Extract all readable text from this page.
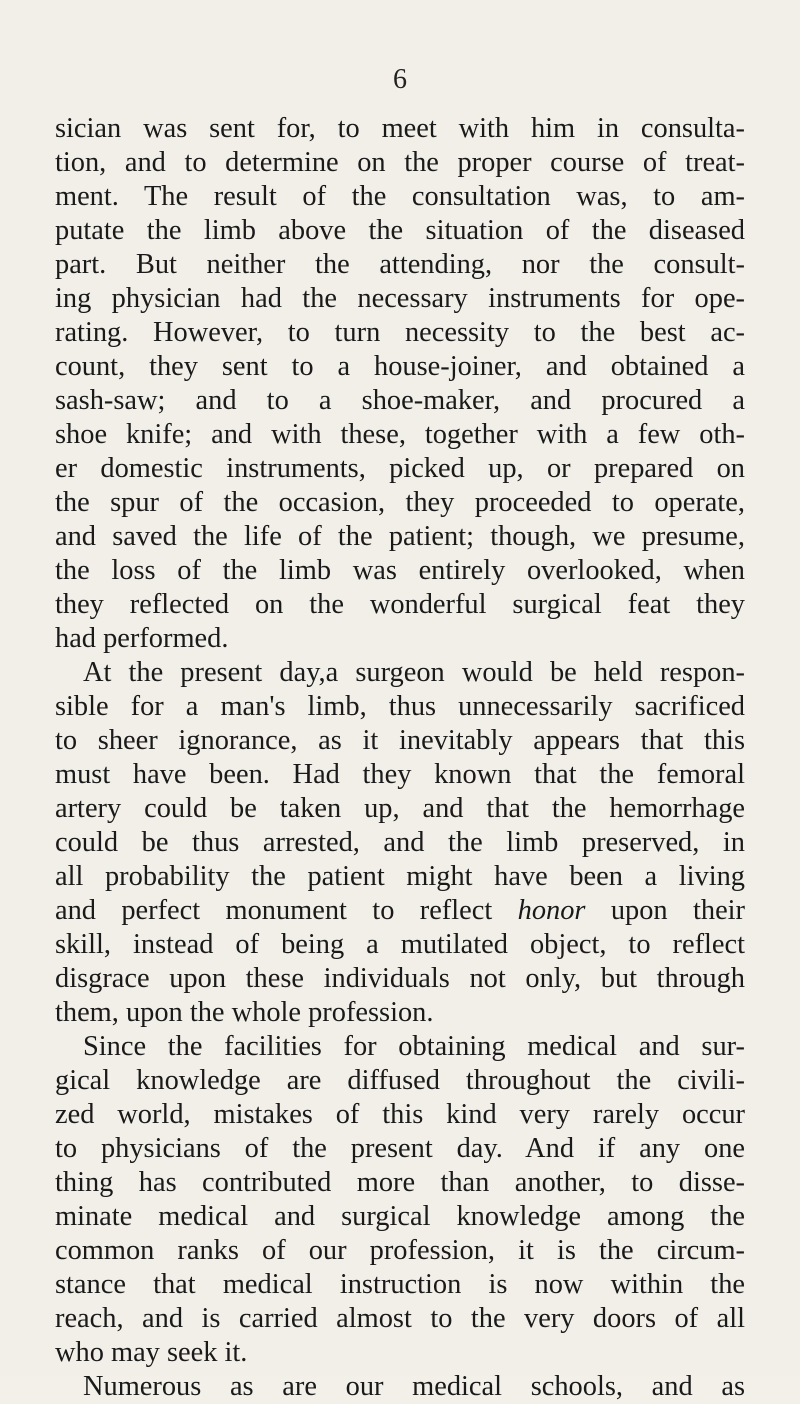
6
sician was sent for, to meet with him in consulta-
tion, and to determine on the proper course of treat-
ment. The result of the consultation was, to am-
putate the limb above the situation of the diseased
part. But neither the attending, nor the consult-
ing physician had the necessary instruments for ope-
rating. However, to turn necessity to the best ac-
count, they sent to a house-joiner, and obtained a
sash-saw; and to a shoe-maker, and procured a
shoe knife; and with these, together with a few oth-
er domestic instruments, picked up, or prepared on
the spur of the occasion, they proceeded to operate,
and saved the life of the patient; though, we presume,
the loss of the limb was entirely overlooked, when
they reflected on the wonderful surgical feat they
had performed.
At the present day,a surgeon would be held respon-
sible for a man's limb, thus unnecessarily sacrificed
to sheer ignorance, as it inevitably appears that this
must have been. Had they known that the femoral
artery could be taken up, and that the hemorrhage
could be thus arrested, and the limb preserved, in
all probability the patient might have been a living
and perfect monument to reflect honor upon their
skill, instead of being a mutilated object, to reflect
disgrace upon these individuals not only, but through
them, upon the whole profession.
Since the facilities for obtaining medical and sur-
gical knowledge are diffused throughout the civili-
zed world, mistakes of this kind very rarely occur
to physicians of the present day. And if any one
thing has contributed more than another, to disse-
minate medical and surgical knowledge among the
common ranks of our profession, it is the circum-
stance that medical instruction is now within the
reach, and is carried almost to the very doors of all
who may seek it.
Numerous as are our medical schools, and as
